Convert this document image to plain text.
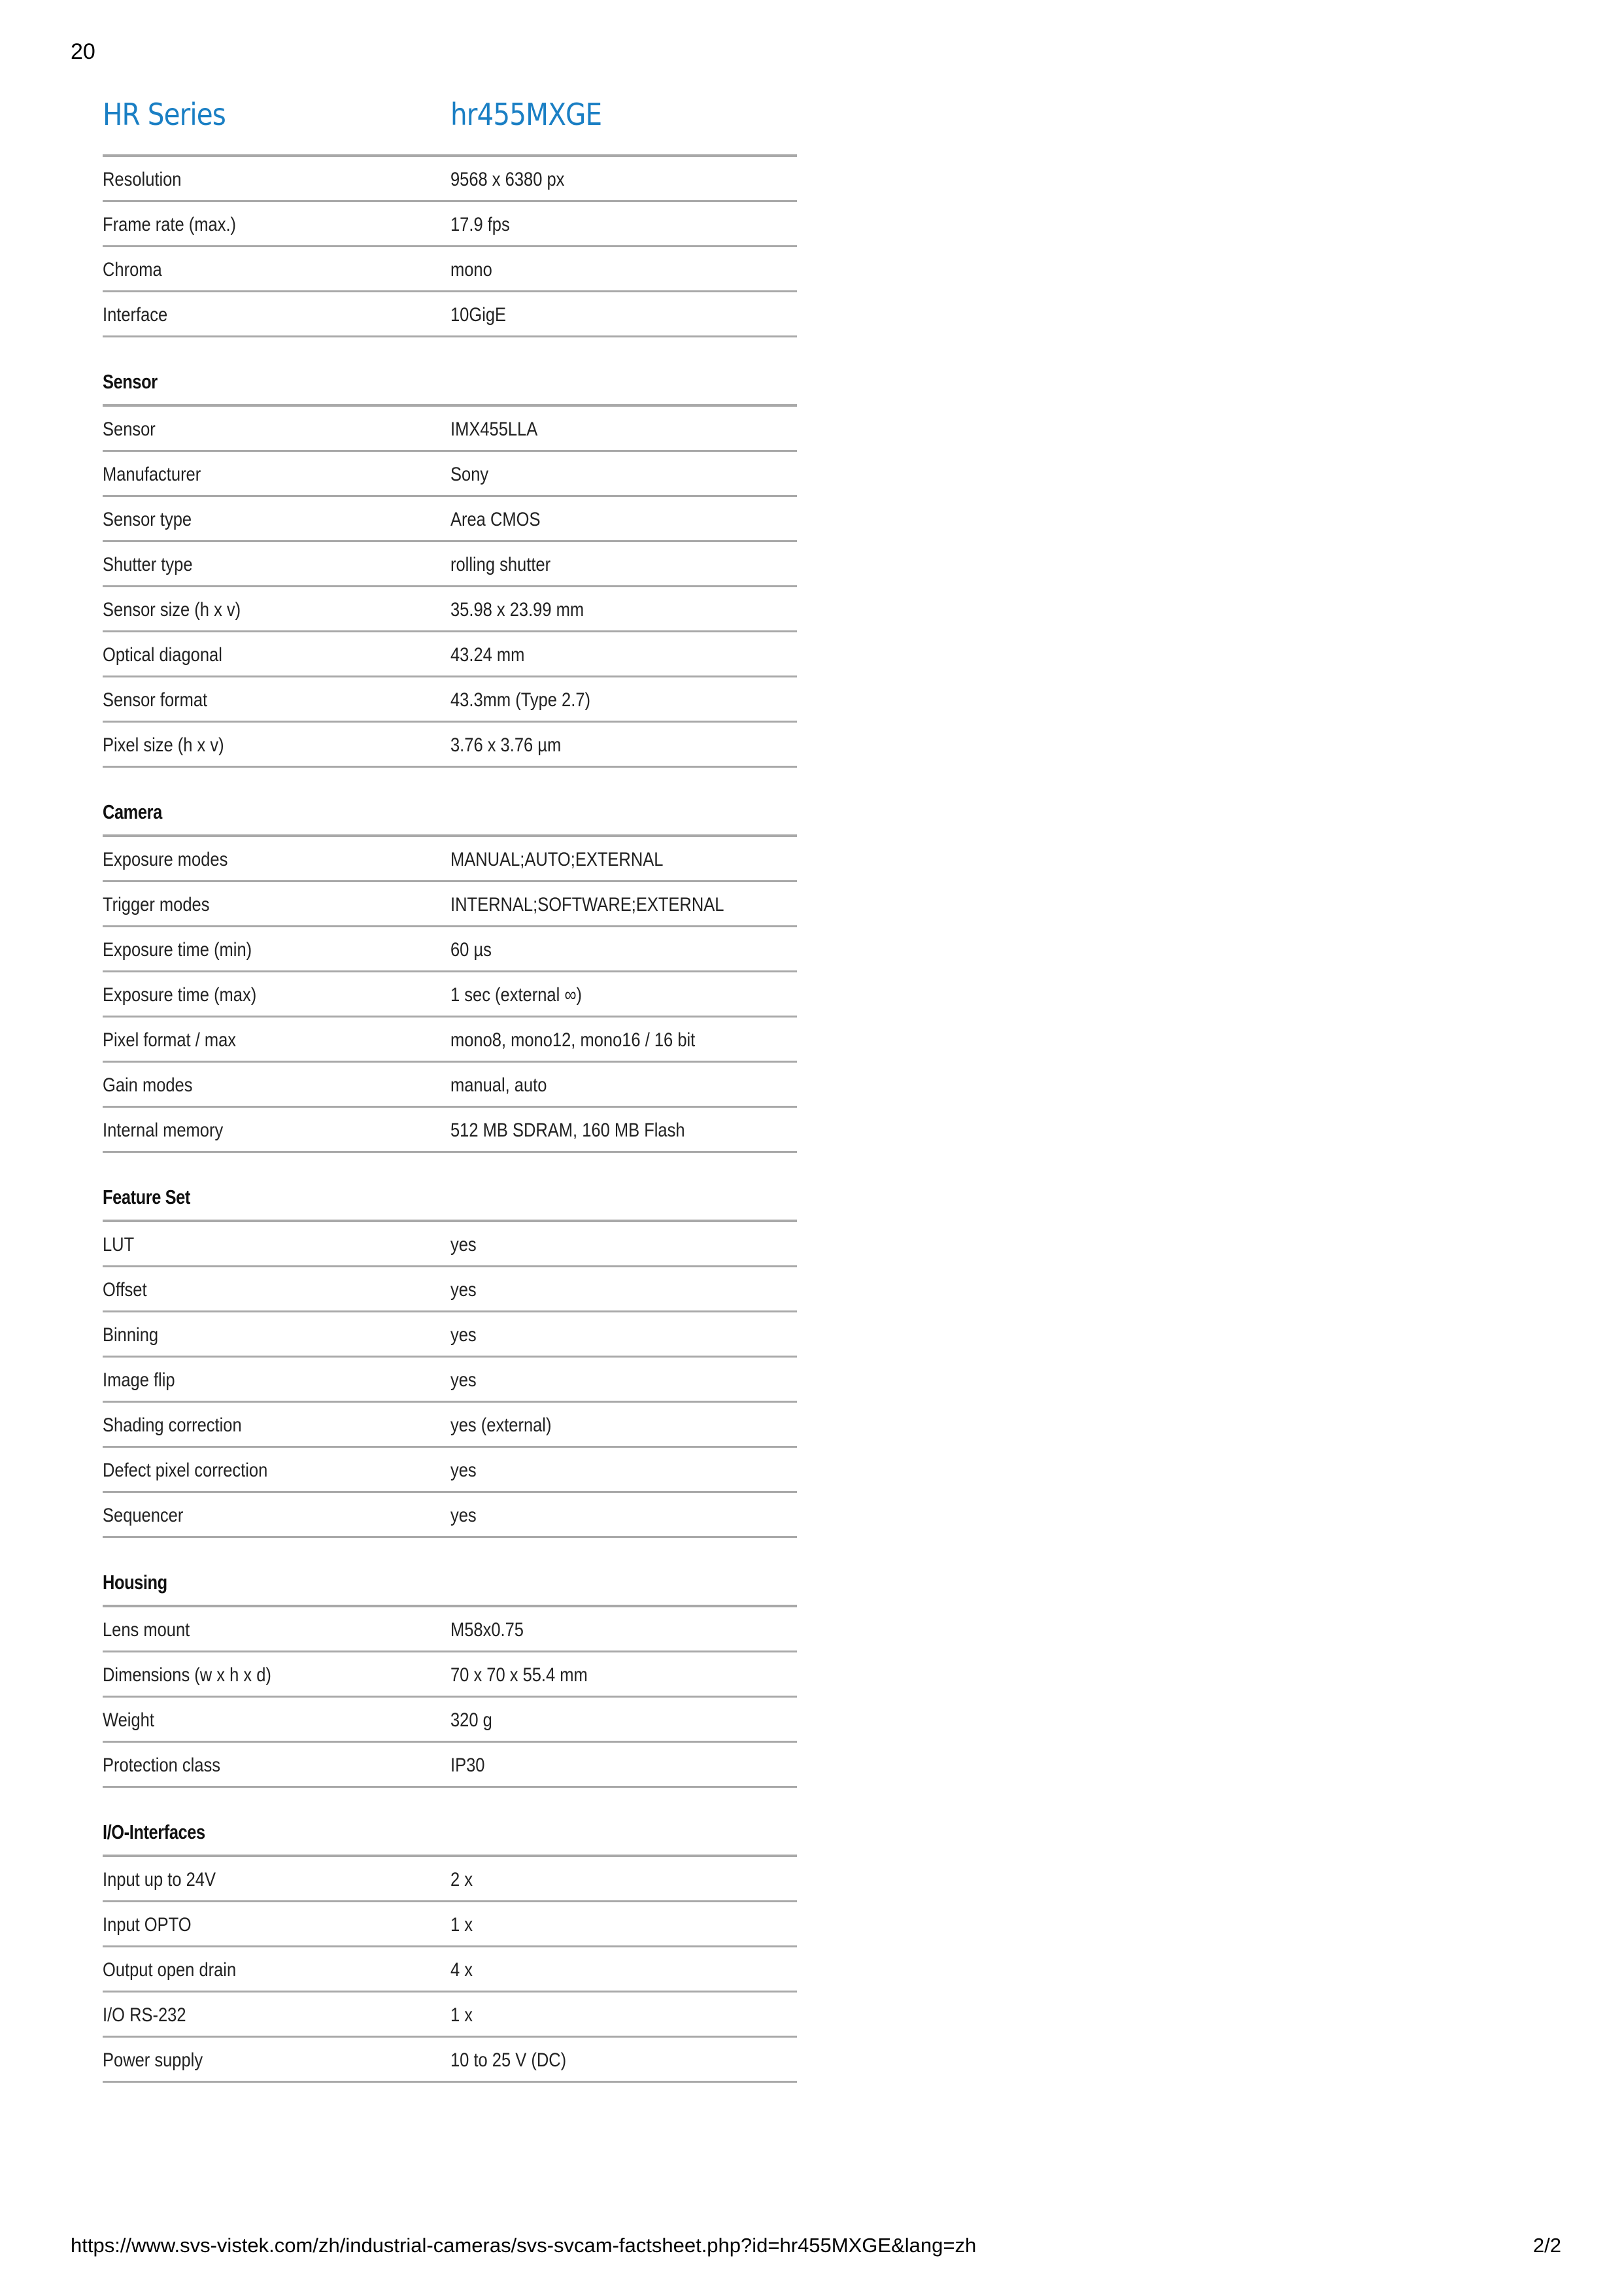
20
HR Series	hr455MXGE
Resolution	9568 x 6380 px
Frame rate (max.)	17.9 fps
Chroma	mono
Interface	10GigE
Sensor
Sensor	IMX455LLA
Manufacturer	Sony
Sensor type	Area CMOS
Shutter type	rolling shutter
Sensor size (h x v)	35.98 x 23.99 mm
Optical diagonal	43.24 mm
Sensor format	43.3mm (Type 2.7)
Pixel size (h x v)	3.76 x 3.76 µm
Camera
Exposure modes	MANUAL;AUTO;EXTERNAL
Trigger modes	INTERNAL;SOFTWARE;EXTERNAL
Exposure time (min)	60 µs
Exposure time (max)	1 sec (external ∞)
Pixel format / max	mono8, mono12, mono16 / 16 bit
Gain modes	manual, auto
Internal memory	512 MB SDRAM, 160 MB Flash
Feature Set
LUT	yes
Offset	yes
Binning	yes
Image flip	yes
Shading correction	yes (external)
Defect pixel correction	yes
Sequencer	yes
Housing
Lens mount	M58x0.75
Dimensions (w x h x d)	70 x 70 x 55.4 mm
Weight	320 g
Protection class	IP30
I/O-Interfaces
Input up to 24V	2 x
Input OPTO	1 x
Output open drain	4 x
I/O RS-232	1 x
Power supply	10 to 25 V (DC)
https://www.svs-vistek.com/zh/industrial-cameras/svs-svcam-factsheet.php?id=hr455MXGE&lang=zh	2/2
